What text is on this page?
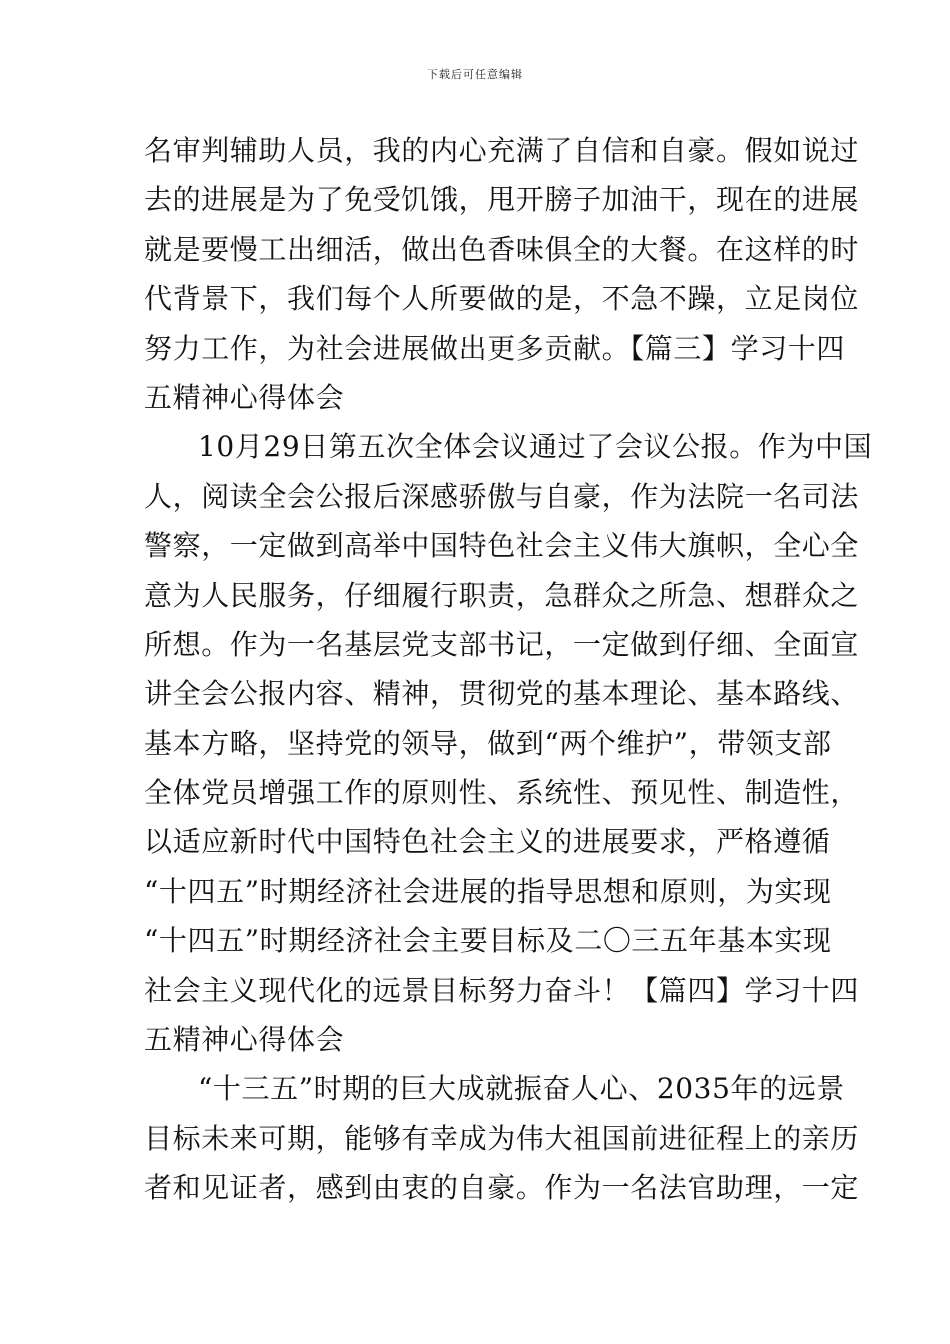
下载后可任意编辑
名审判辅助人员，我的内心充满了自信和自豪。假如说过
去的进展是为了免受饥饿，甩开膀子加油干，现在的进展
就是要慢工出细活，做出色香味俱全的大餐。在这样的时
代背景下，我们每个人所要做的是，不急不躁，立足岗位
努力工作，为社会进展做出更多贡献。【篇三】学习十四
五精神心得体会
10月29日第五次全体会议通过了会议公报。作为中国
人，阅读全会公报后深感骄傲与自豪，作为法院一名司法
警察，一定做到高举中国特色社会主义伟大旗帜，全心全
意为人民服务，仔细履行职责，急群众之所急、想群众之
所想。作为一名基层党支部书记，一定做到仔细、全面宣
讲全会公报内容、精神，贯彻党的基本理论、基本路线、
基本方略，坚持党的领导，做到“两个维护”，带领支部
全体党员增强工作的原则性、系统性、预见性、制造性，
以适应新时代中国特色社会主义的进展要求，严格遵循
“十四五”时期经济社会进展的指导思想和原则，为实现
“十四五”时期经济社会主要目标及二〇三五年基本实现
社会主义现代化的远景目标努力奋斗！【篇四】学习十四
五精神心得体会
“十三五”时期的巨大成就振奋人心、2035年的远景
目标未来可期，能够有幸成为伟大祖国前进征程上的亲历
者和见证者，感到由衷的自豪。作为一名法官助理，一定
